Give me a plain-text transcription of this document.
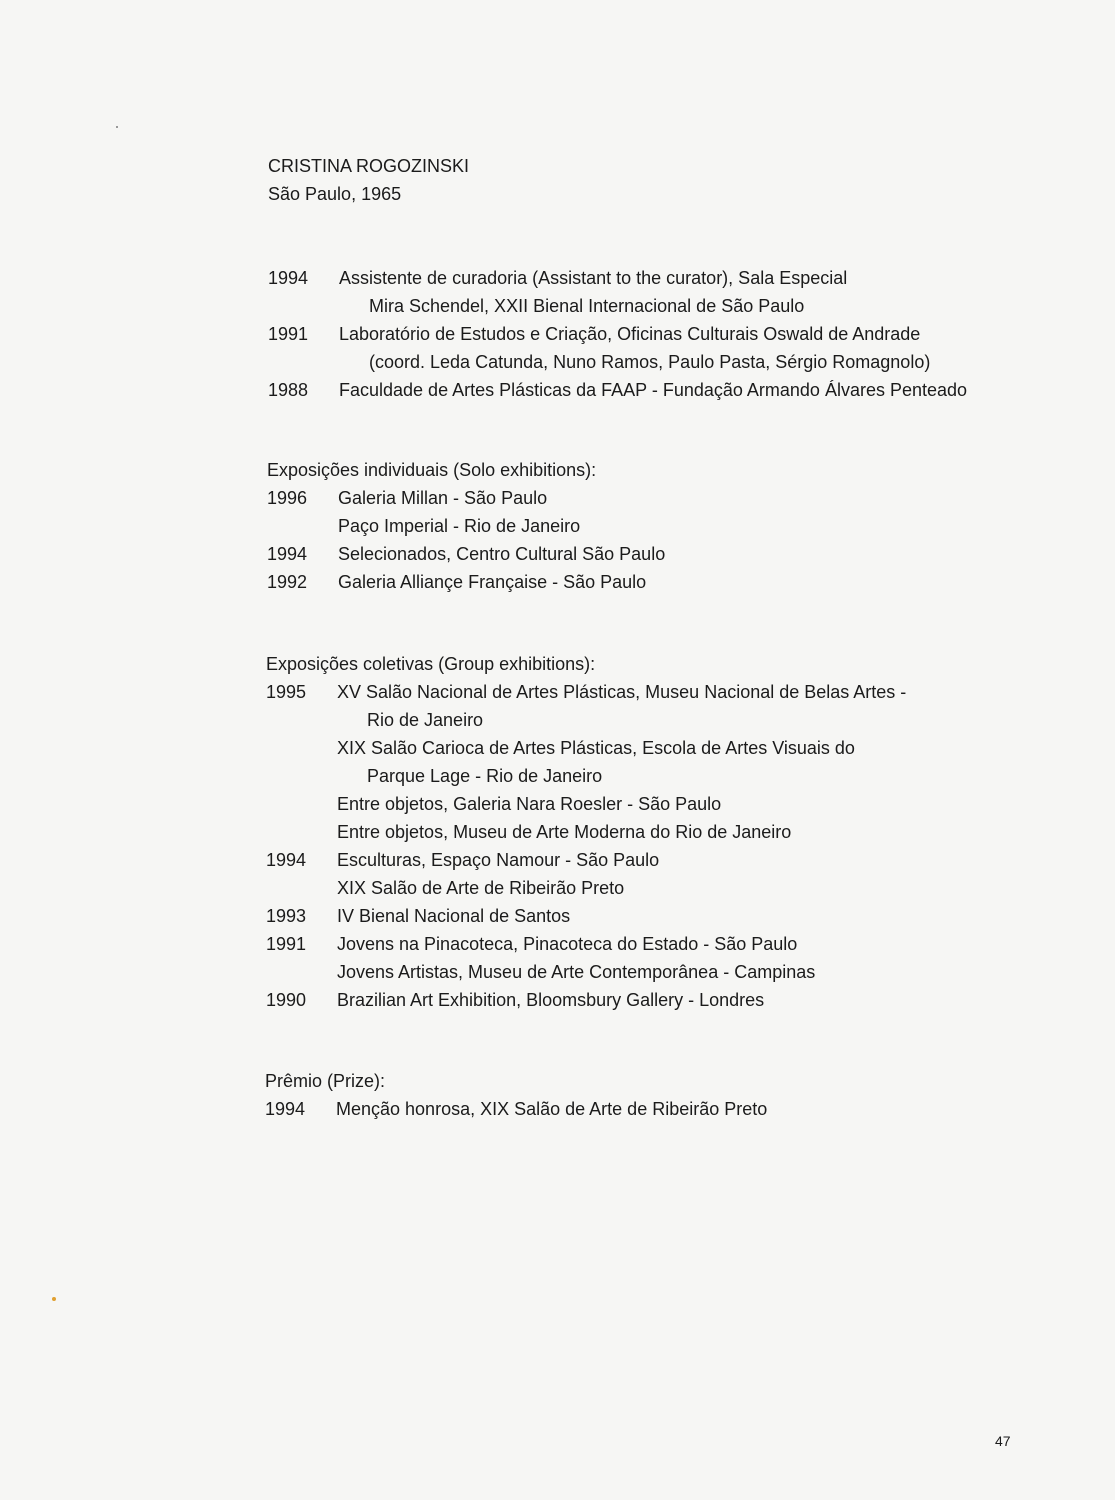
CRISTINA ROGOZINSKI
São Paulo, 1965
1994 Assistente de curadoria (Assistant to the curator), Sala Especial
Mira Schendel, XXII Bienal Internacional de São Paulo
1991 Laboratório de Estudos e Criação, Oficinas Culturais Oswald de Andrade
(coord. Leda Catunda, Nuno Ramos, Paulo Pasta, Sérgio Romagnolo)
1988 Faculdade de Artes Plásticas da FAAP - Fundação Armando Álvares Penteado
Exposições individuais (Solo exhibitions):
1996 Galeria Millan - São Paulo
Paço Imperial - Rio de Janeiro
1994 Selecionados, Centro Cultural São Paulo
1992 Galeria Alliançe Française - São Paulo
Exposições coletivas (Group exhibitions):
1995 XV Salão Nacional de Artes Plásticas, Museu Nacional de Belas Artes -
Rio de Janeiro
XIX Salão Carioca de Artes Plásticas, Escola de Artes Visuais do
Parque Lage - Rio de Janeiro
Entre objetos, Galeria Nara Roesler - São Paulo
Entre objetos, Museu de Arte Moderna do Rio de Janeiro
1994 Esculturas, Espaço Namour - São Paulo
XIX Salão de Arte de Ribeirão Preto
1993 IV Bienal Nacional de Santos
1991 Jovens na Pinacoteca, Pinacoteca do Estado - São Paulo
Jovens Artistas, Museu de Arte Contemporânea - Campinas
1990 Brazilian Art Exhibition, Bloomsbury Gallery - Londres
Prêmio (Prize):
1994 Menção honrosa, XIX Salão de Arte de Ribeirão Preto
47
